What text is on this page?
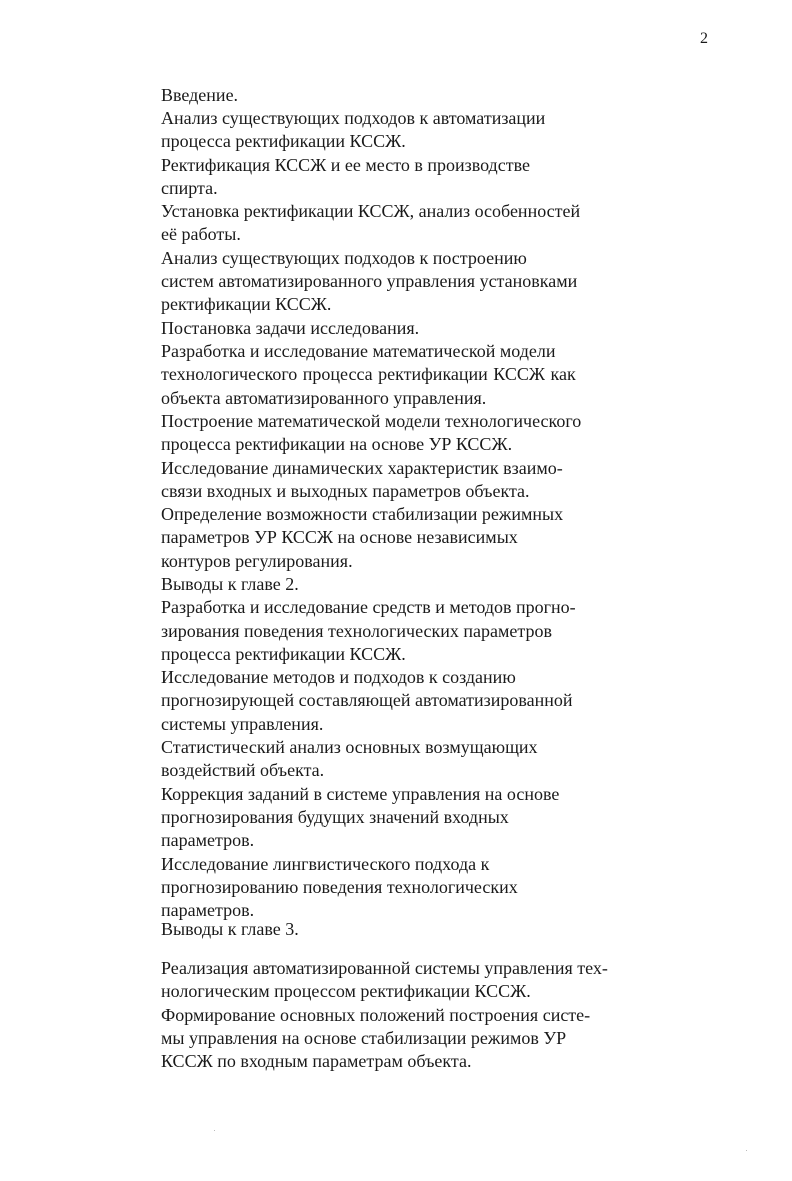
2
Введение.
Анализ существующих подходов к автоматизации
процесса ректификации КССЖ.
Ректификация КССЖ и ее место в производстве
спирта.
Установка ректификации КССЖ, анализ особенностей
её работы.
Анализ существующих подходов к построению
систем автоматизированного управления установками
ректификации КССЖ.
Постановка задачи исследования.
Разработка и исследование математической модели
технологического процесса ректификации КССЖ как
объекта автоматизированного управления.
Построение математической модели технологического
процесса ректификации на основе УР КССЖ.
Исследование динамических характеристик взаимо-
связи входных и выходных параметров объекта.
Определение возможности стабилизации режимных
параметров УР КССЖ на основе независимых
контуров регулирования.
Выводы к главе 2.
Разработка и исследование средств и методов прогно-
зирования поведения технологических параметров
процесса ректификации КССЖ.
Исследование методов и подходов к созданию
прогнозирующей составляющей автоматизированной
системы управления.
Статистический анализ основных возмущающих
воздействий объекта.
Коррекция заданий в системе управления на основе
прогнозирования будущих значений входных
параметров.
Исследование лингвистического подхода к
прогнозированию поведения технологических
параметров.
Выводы к главе 3.
Реализация автоматизированной системы управления тех-
нологическим процессом ректификации КССЖ.
Формирование основных положений построения систе-
мы управления на основе стабилизации режимов УР
КССЖ по входным параметрам объекта.
